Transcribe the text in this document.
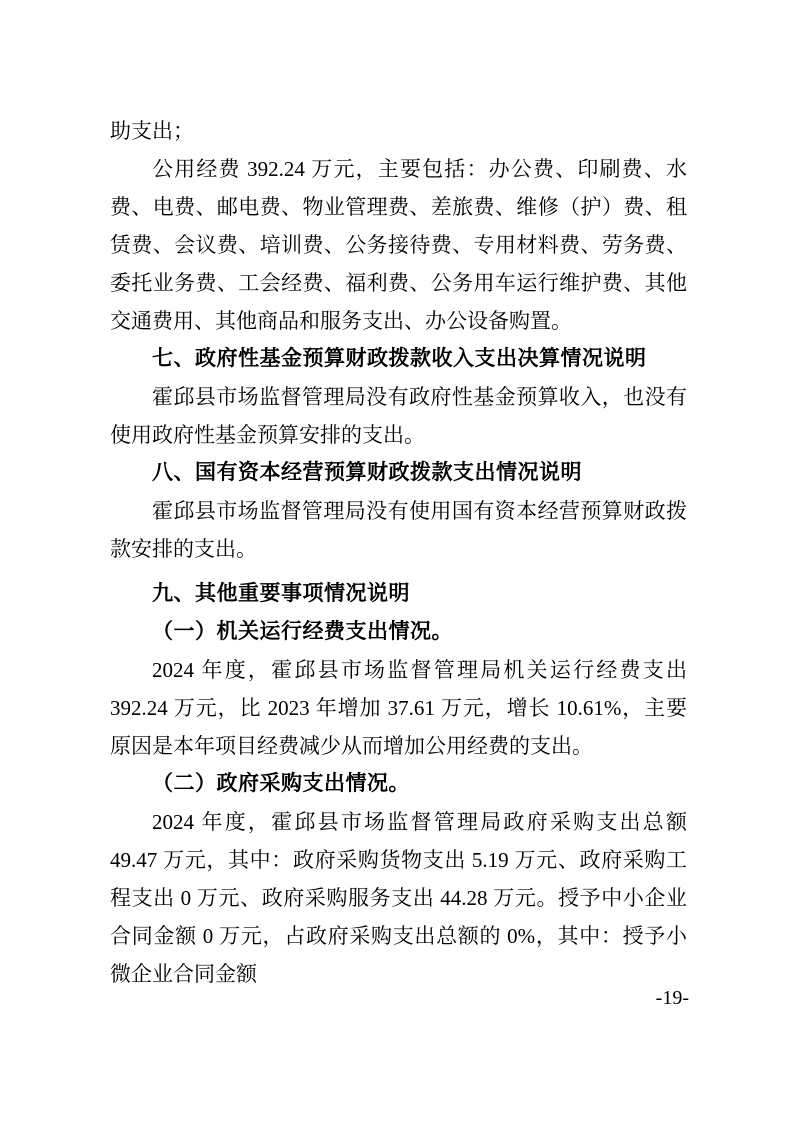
助支出；

公用经费 392.24 万元，主要包括：办公费、印刷费、水费、电费、邮电费、物业管理费、差旅费、维修（护）费、租赁费、会议费、培训费、公务接待费、专用材料费、劳务费、委托业务费、工会经费、福利费、公务用车运行维护费、其他交通费用、其他商品和服务支出、办公设备购置。

七、政府性基金预算财政拨款收入支出决算情况说明

霍邱县市场监督管理局没有政府性基金预算收入，也没有使用政府性基金预算安排的支出。

八、国有资本经营预算财政拨款支出情况说明

霍邱县市场监督管理局没有使用国有资本经营预算财政拨款安排的支出。

九、其他重要事项情况说明

（一）机关运行经费支出情况。

2024 年度，霍邱县市场监督管理局机关运行经费支出 392.24 万元，比 2023 年增加 37.61 万元，增长 10.61%，主要原因是本年项目经费减少从而增加公用经费的支出。

（二）政府采购支出情况。

2024 年度，霍邱县市场监督管理局政府采购支出总额 49.47 万元，其中：政府采购货物支出 5.19 万元、政府采购工程支出 0 万元、政府采购服务支出 44.28 万元。授予中小企业合同金额 0 万元，占政府采购支出总额的 0%，其中：授予小微企业合同金额

-19-
